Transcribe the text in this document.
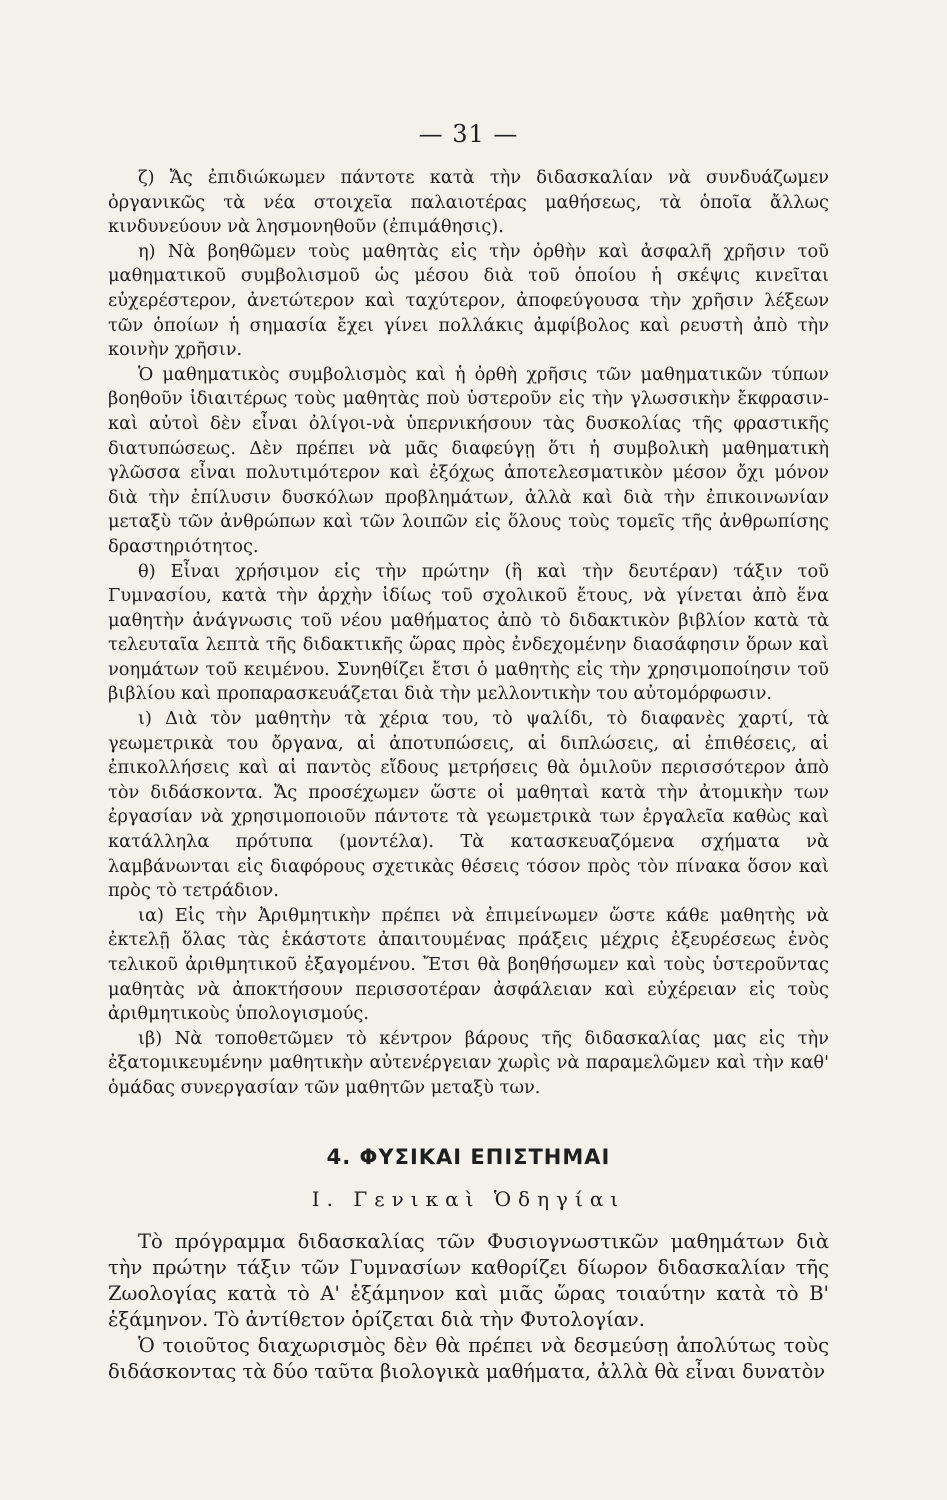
— 31 —

ζ) Ἄς ἐπιδιώκωμεν πάντοτε κατὰ τὴν διδασκαλίαν νὰ συνδυάζωμεν ὀργανικῶς τὰ νέα στοιχεῖα παλαιοτέρας μαθήσεως, τὰ ὁποῖα ἄλλως κινδυνεύουν νὰ λησμονηθοῦν (ἐπιμάθησις).

η) Νὰ βοηθῶμεν τοὺς μαθητὰς εἰς τὴν ὀρθὴν καὶ ἀσφαλῆ χρῆσιν τοῦ μαθηματικοῦ συμβολισμοῦ ὡς μέσου διὰ τοῦ ὁποίου ἡ σκέψις κινεῖται εὐχερέστερον, ἀνετώτερον καὶ ταχύτερον, ἀποφεύγουσα τὴν χρῆσιν λέξεων τῶν ὁποίων ἡ σημασία ἔχει γίνει πολλάκις ἀμφίβολος καὶ ρευστὴ ἀπὸ τὴν κοινὴν χρῆσιν.

Ὁ μαθηματικὸς συμβολισμὸς καὶ ἡ ὀρθὴ χρῆσις τῶν μαθηματικῶν τύπων βοηθοῦν ἰδιαιτέρως τοὺς μαθητὰς ποὺ ὑστεροῦν εἰς τὴν γλωσσικὴν ἔκφρασιν-καὶ αὐτοὶ δὲν εἶναι ὀλίγοι-νὰ ὑπερνικήσουν τὰς δυσκολίας τῆς φραστικῆς διατυπώσεως. Δὲν πρέπει νὰ μᾶς διαφεύγῃ ὅτι ἡ συμβολικὴ μαθηματικὴ γλῶσσα εἶναι πολυτιμότερον καὶ ἐξόχως ἀποτελεσματικὸν μέσον ὄχι μόνον διὰ τὴν ἐπίλυσιν δυσκόλων προβλημάτων, ἀλλὰ καὶ διὰ τὴν ἐπικοινωνίαν μεταξὺ τῶν ἀνθρώπων καὶ τῶν λοιπῶν εἰς ὅλους τοὺς τομεῖς τῆς ἀνθρωπίσης δραστηριότητος.

θ) Εἶναι χρήσιμον εἰς τὴν πρώτην (ἢ καὶ τὴν δευτέραν) τάξιν τοῦ Γυμνασίου, κατὰ τὴν ἀρχὴν ἰδίως τοῦ σχολικοῦ ἔτους, νὰ γίνεται ἀπὸ ἕνα μαθητὴν ἀνάγνωσις τοῦ νέου μαθήματος ἀπὸ τὸ διδακτικὸν βιβλίον κατὰ τὰ τελευταῖα λεπτὰ τῆς διδακτικῆς ὥρας πρὸς ἐνδεχομένην διασάφησιν ὅρων καὶ νοημάτων τοῦ κειμένου. Συνηθίζει ἔτσι ὁ μαθητὴς εἰς τὴν χρησιμοποίησιν τοῦ βιβλίου καὶ προπαρασκευάζεται διὰ τὴν μελλοντικὴν του αὐτομόρφωσιν.

ι) Διὰ τὸν μαθητὴν τὰ χέρια του, τὸ ψαλίδι, τὸ διαφανὲς χαρτί, τὰ γεωμετρικὰ του ὄργανα, αἱ ἀποτυπώσεις, αἱ διπλώσεις, αἱ ἐπιθέσεις, αἱ ἐπικολλήσεις καὶ αἱ παντὸς εἴδους μετρήσεις θὰ ὁμιλοῦν περισσότερον ἀπὸ τὸν διδάσκοντα. Ἄς προσέχωμεν ὥστε οἱ μαθηταὶ κατὰ τὴν ἀτομικὴν των ἐργασίαν νὰ χρησιμοποιοῦν πάντοτε τὰ γεωμετρικὰ των ἐργαλεῖα καθὼς καὶ κατάλληλα πρότυπα (μοντέλα). Τὰ κατασκευαζόμενα σχήματα νὰ λαμβάνωνται εἰς διαφόρους σχετικὰς θέσεις τόσον πρὸς τὸν πίνακα ὅσον καὶ πρὸς τὸ τετράδιον.

ια) Εἰς τὴν Ἀριθμητικὴν πρέπει νὰ ἐπιμείνωμεν ὥστε κάθε μαθητὴς νὰ ἐκτελῇ ὅλας τὰς ἑκάστοτε ἀπαιτουμένας πράξεις μέχρις ἐξευρέσεως ἑνὸς τελικοῦ ἀριθμητικοῦ ἐξαγομένου. Ἔτσι θὰ βοηθήσωμεν καὶ τοὺς ὑστεροῦντας μαθητὰς νὰ ἀποκτήσουν περισσοτέραν ἀσφάλειαν καὶ εὐχέρειαν εἰς τοὺς ἀριθμητικοὺς ὑπολογισμούς.

ιβ) Νὰ τοποθετῶμεν τὸ κέντρον βάρους τῆς διδασκαλίας μας εἰς τὴν ἐξατομικευμένην μαθητικὴν αὐτενέργειαν χωρὶς νὰ παραμελῶμεν καὶ τὴν καθ' ὁμάδας συνεργασίαν τῶν μαθητῶν μεταξὺ των.

4. ΦΥΣΙΚΑΙ ΕΠΙΣΤΗΜΑΙ
Ι. Γενικαὶ Ὁδηγίαι

Τὸ πρόγραμμα διδασκαλίας τῶν Φυσιογνωστικῶν μαθημάτων διὰ τὴν πρώτην τάξιν τῶν Γυμνασίων καθορίζει δίωρον διδασκαλίαν τῆς Ζωολογίας κατὰ τὸ Α' ἑξάμηνον καὶ μιᾶς ὥρας τοιαύτην κατὰ τὸ Β' ἑξάμηνον. Τὸ ἀντίθετον ὁρίζεται διὰ τὴν Φυτολογίαν.

Ὁ τοιοῦτος διαχωρισμὸς δὲν θὰ πρέπει νὰ δεσμεύσῃ ἀπολύτως τοὺς διδάσκοντας τὰ δύο ταῦτα βιολογικὰ μαθήματα, ἀλλὰ θὰ εἶναι δυνατὸν
